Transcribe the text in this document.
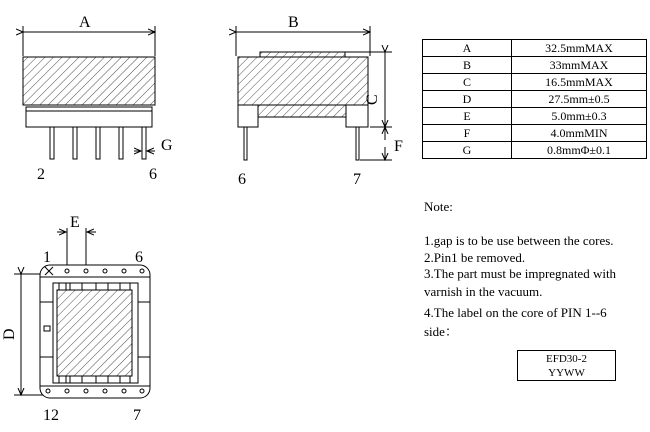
A
G
2	6
B
C
F
6	7
E
D
1	6
12	7
A	32.5mmMAX
B	33mmMAX
C	16.5mmMAX
D	27.5mm±0.5
E	5.0mm±0.3
F	4.0mmMIN
G	0.8mmΦ±0.1
Note:
1.gap is to be use between the cores.
2.Pin1 be removed.
3.The part must be impregnated with
varnish in the vacuum.
4.The label on the core of PIN 1--6
side：
EFD30-2
YYWW
